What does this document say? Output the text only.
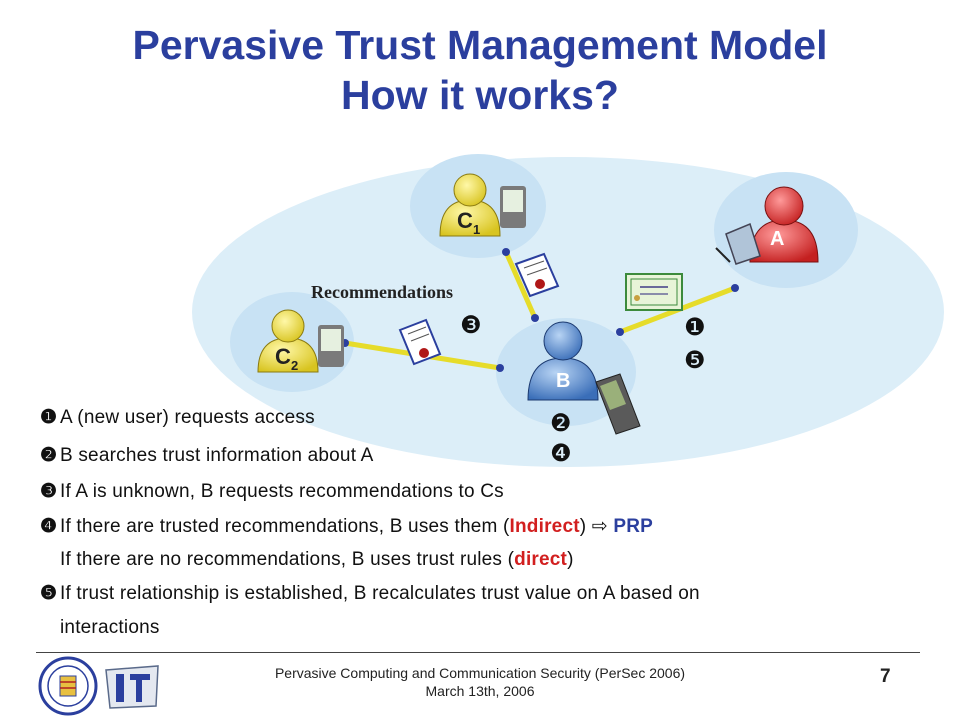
Pervasive Trust Management Model
How it works?
C 1
C 2
A
B
Recommendations
❸	❶
❺
❷
❹
❶ A (new user) requests access
❷ B searches trust information about A
❸ If A is unknown, B requests recommendations to Cs
❹ If there are trusted recommendations, B uses them (Indirect) ⇨ PRP
If there are no recommendations, B uses trust rules (direct)
❺ If trust relationship is established, B recalculates trust value on A based on
interactions
Pervasive Computing and Communication Security (PerSec 2006)
March 13th, 2006
7
